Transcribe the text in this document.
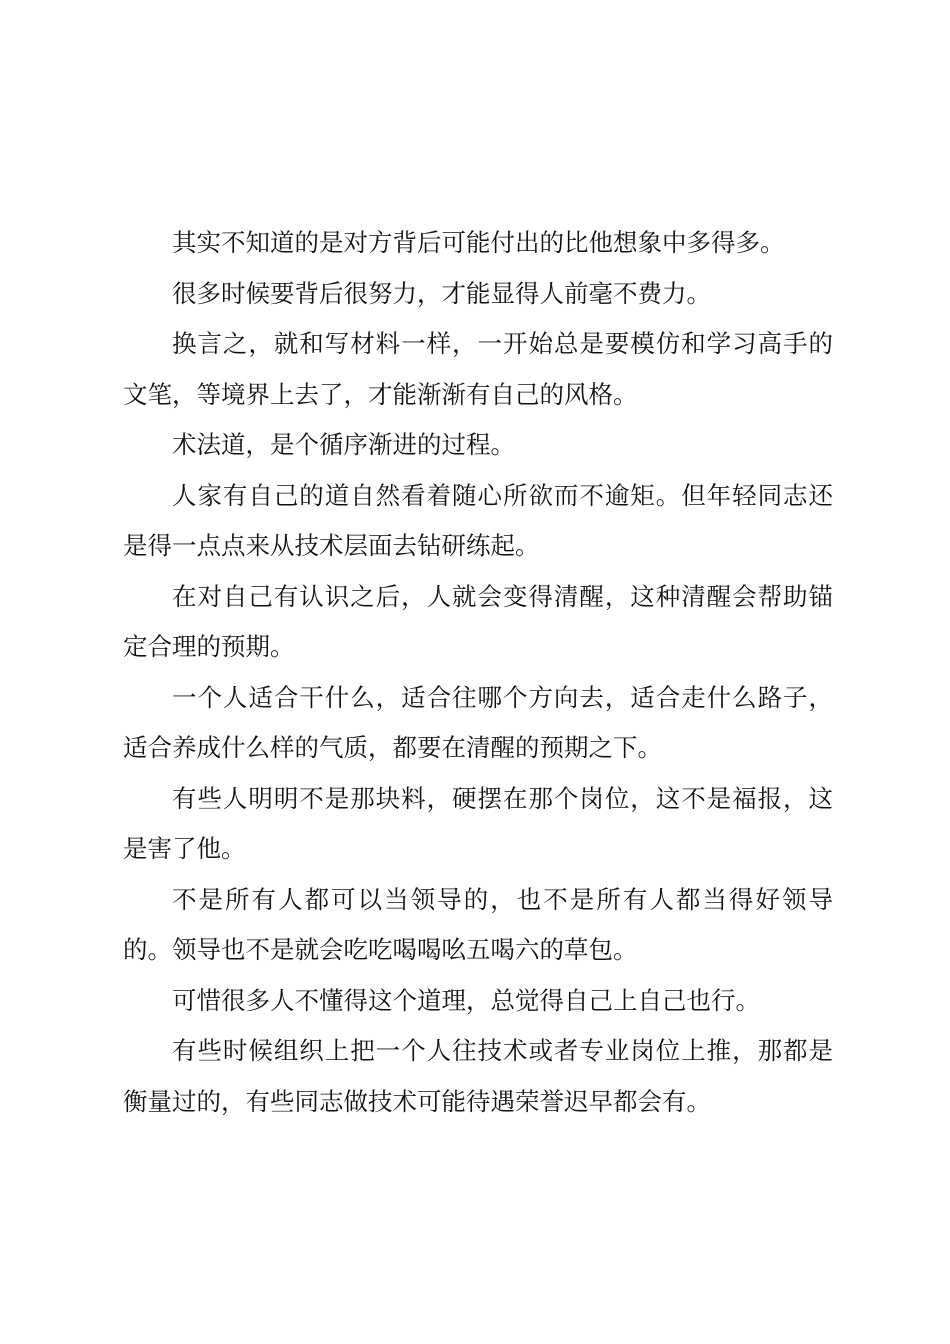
其实不知道的是对方背后可能付出的比他想象中多得多。

很多时候要背后很努力，才能显得人前毫不费力。

换言之，就和写材料一样，一开始总是要模仿和学习高手的文笔，等境界上去了，才能渐渐有自己的风格。

术法道，是个循序渐进的过程。

人家有自己的道自然看着随心所欲而不逾矩。但年轻同志还是得一点点来从技术层面去钻研练起。

在对自己有认识之后，人就会变得清醒，这种清醒会帮助锚定合理的预期。

一个人适合干什么，适合往哪个方向去，适合走什么路子，适合养成什么样的气质，都要在清醒的预期之下。

有些人明明不是那块料，硬摆在那个岗位，这不是福报，这是害了他。

不是所有人都可以当领导的，也不是所有人都当得好领导的。领导也不是就会吃吃喝喝吆五喝六的草包。

可惜很多人不懂得这个道理，总觉得自己上自己也行。

有些时候组织上把一个人往技术或者专业岗位上推，那都是衡量过的，有些同志做技术可能待遇荣誉迟早都会有。
